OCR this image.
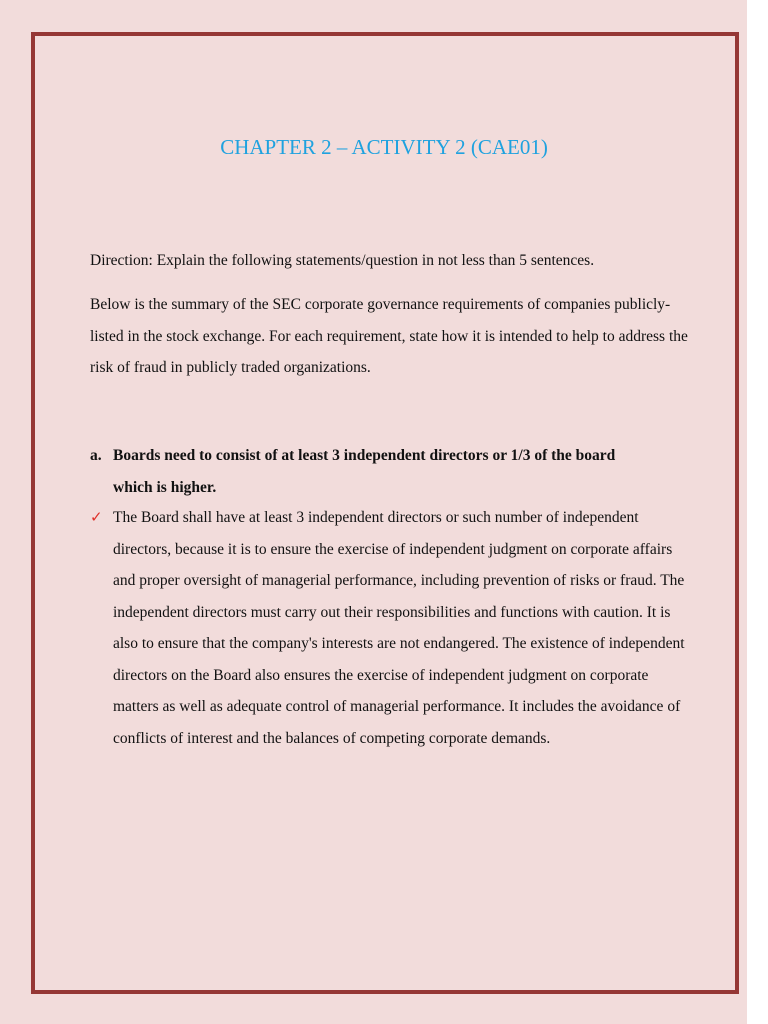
CHAPTER 2 – ACTIVITY 2 (CAE01)

Direction: Explain the following statements/question in not less than 5 sentences.

Below is the summary of the SEC corporate governance requirements of companies publicly-listed in the stock exchange. For each requirement, state how it is intended to help to address the risk of fraud in publicly traded organizations.

a. Boards need to consist of at least 3 independent directors or 1/3 of the board which is higher.
✓ The Board shall have at least 3 independent directors or such number of independent directors, because it is to ensure the exercise of independent judgment on corporate affairs and proper oversight of managerial performance, including prevention of risks or fraud. The independent directors must carry out their responsibilities and functions with caution. It is also to ensure that the company's interests are not endangered. The existence of independent directors on the Board also ensures the exercise of independent judgment on corporate matters as well as adequate control of managerial performance. It includes the avoidance of conflicts of interest and the balances of competing corporate demands.
